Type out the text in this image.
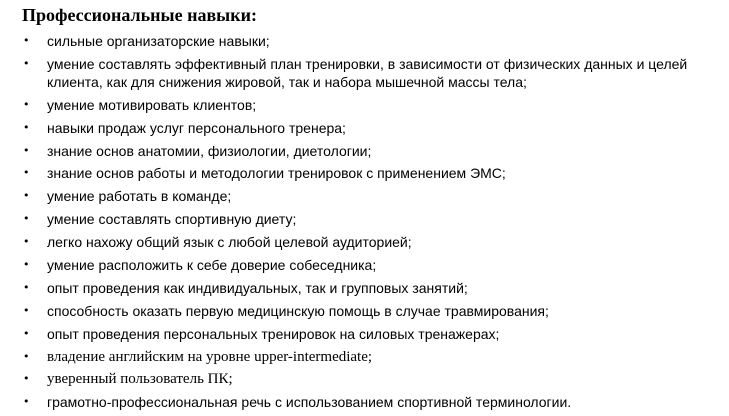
Профессиональные навыки:
• сильные организаторские навыки;
• умение составлять эффективный план тренировки, в зависимости от физических данных и целей клиента, как для снижения жировой, так и набора мышечной массы тела;
• умение мотивировать клиентов;
• навыки продаж услуг персонального тренера;
• знание основ анатомии, физиологии, диетологии;
• знание основ работы и методологии тренировок с применением ЭМС;
• умение работать в команде;
• умение составлять спортивную диету;
• легко нахожу общий язык с любой целевой аудиторией;
• умение расположить к себе доверие собеседника;
• опыт проведения как индивидуальных, так и групповых занятий;
• способность оказать первую медицинскую помощь в случае травмирования;
• опыт проведения персональных тренировок на силовых тренажерах;
• владение английским на уровне upper-intermediate;
• уверенный пользователь ПК;
• грамотно-профессиональная речь с использованием спортивной терминологии.
